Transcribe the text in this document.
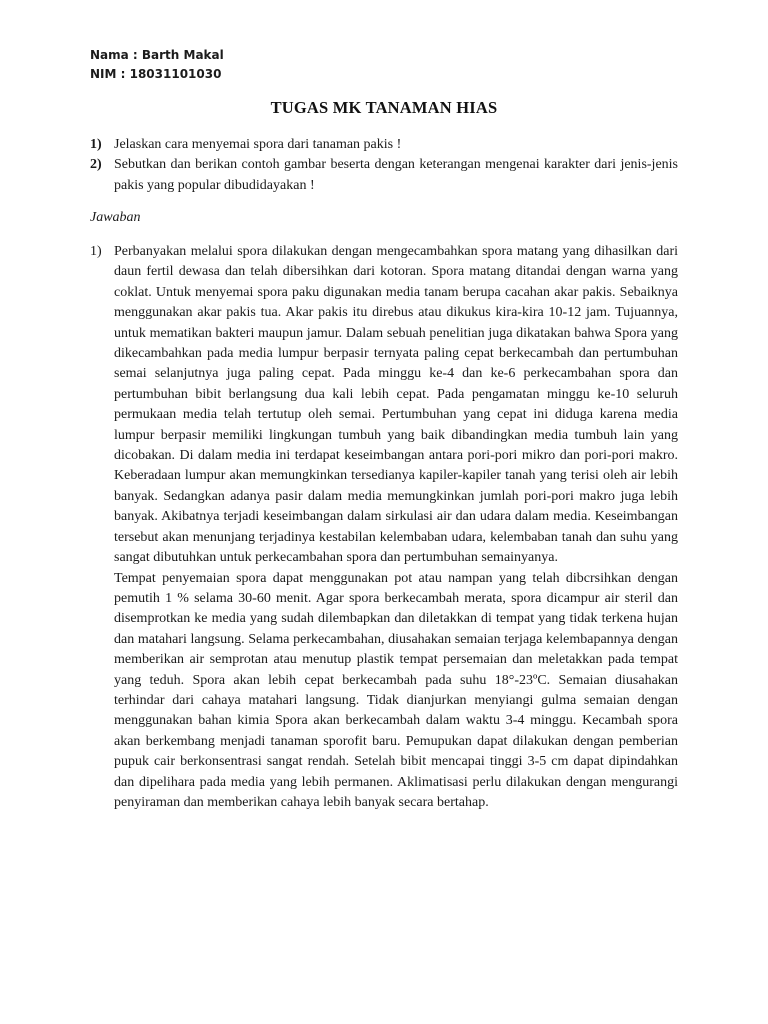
Nama : Barth Makal
NIM : 18031101030
TUGAS MK TANAMAN HIAS
1) Jelaskan cara menyemai spora dari tanaman pakis !
2) Sebutkan dan berikan contoh gambar beserta dengan keterangan mengenai karakter dari jenis-jenis pakis yang popular dibudidayakan !
Jawaban
1) Perbanyakan melalui spora dilakukan dengan mengecambahkan spora matang yang dihasilkan dari daun fertil dewasa dan telah dibersihkan dari kotoran. Spora matang ditandai dengan warna yang coklat. Untuk menyemai spora paku digunakan media tanam berupa cacahan akar pakis. Sebaiknya menggunakan akar pakis tua. Akar pakis itu direbus atau dikukus kira-kira 10-12 jam. Tujuannya, untuk mematikan bakteri maupun jamur. Dalam sebuah penelitian juga dikatakan bahwa Spora yang dikecambahkan pada media lumpur berpasir ternyata paling cepat berkecambah dan pertumbuhan semai selanjutnya juga paling cepat. Pada minggu ke-4 dan ke-6 perkecambahan spora dan pertumbuhan bibit berlangsung dua kali lebih cepat. Pada pengamatan minggu ke-10 seluruh permukaan media telah tertutup oleh semai. Pertumbuhan yang cepat ini diduga karena media lumpur berpasir memiliki lingkungan tumbuh yang baik dibandingkan media tumbuh lain yang dicobakan. Di dalam media ini terdapat keseimbangan antara pori-pori mikro dan pori-pori makro. Keberadaan lumpur akan memungkinkan tersedianya kapiler-kapiler tanah yang terisi oleh air lebih banyak. Sedangkan adanya pasir dalam media memungkinkan jumlah pori-pori makro juga lebih banyak. Akibatnya terjadi keseimbangan dalam sirkulasi air dan udara dalam media. Keseimbangan tersebut akan menunjang terjadinya kestabilan kelembaban udara, kelembaban tanah dan suhu yang sangat dibutuhkan untuk perkecambahan spora dan pertumbuhan semainyanya.

Tempat penyemaian spora dapat menggunakan pot atau nampan yang telah dibcrsihkan dengan pemutih 1 % selama 30-60 menit. Agar spora berkecambah merata, spora dicampur air steril dan disemprotkan ke media yang sudah dilembapkan dan diletakkan di tempat yang tidak terkena hujan dan matahari langsung. Selama perkecambahan, diusahakan semaian terjaga kelembapannya dengan memberikan air semprotan atau menutup plastik tempat persemaian dan meletakkan pada tempat yang teduh. Spora akan lebih cepat berkecambah pada suhu 18°-23ºC. Semaian diusahakan terhindar dari cahaya matahari langsung. Tidak dianjurkan menyiangi gulma semaian dengan menggunakan bahan kimia Spora akan berkecambah dalam waktu 3-4 minggu. Kecambah spora akan berkembang menjadi tanaman sporofit baru. Pemupukan dapat dilakukan dengan pemberian pupuk cair berkonsentrasi sangat rendah. Setelah bibit mencapai tinggi 3-5 cm dapat dipindahkan dan dipelihara pada media yang lebih permanen. Aklimatisasi perlu dilakukan dengan mengurangi penyiraman dan memberikan cahaya lebih banyak secara bertahap.
